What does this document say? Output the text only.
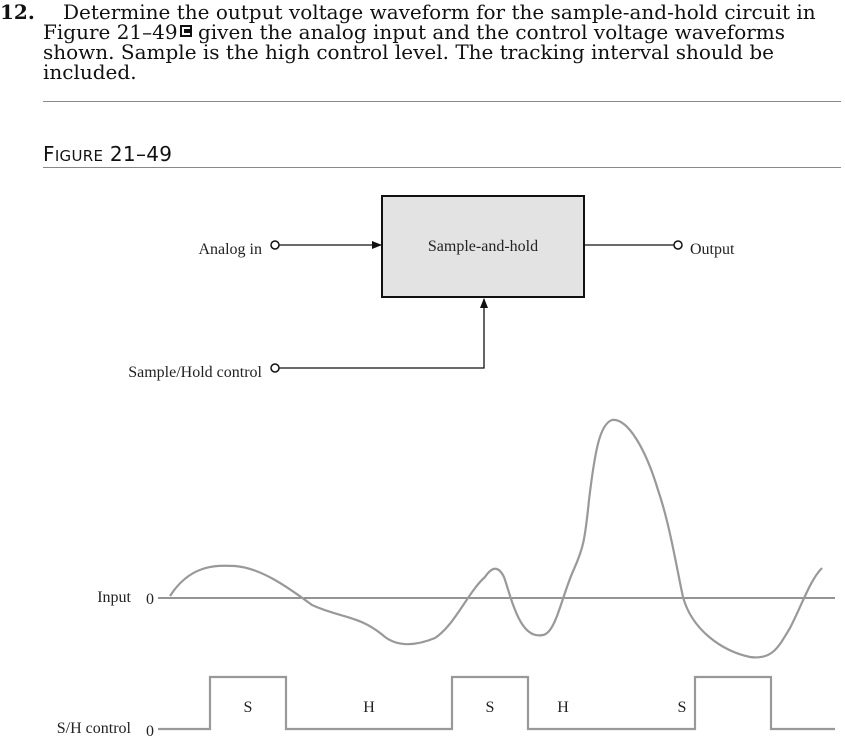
12.	Determine the output voltage waveform for the sample-and-hold circuit in Figure 21–49 given the analog input and the control voltage waveforms shown. Sample is the high control level. The tracking interval should be included.
FIGURE 21–49
Sample-and-hold
Analog in	Output
Sample/Hold control
Input 0
S/H control 0
S	H	S	H	S
